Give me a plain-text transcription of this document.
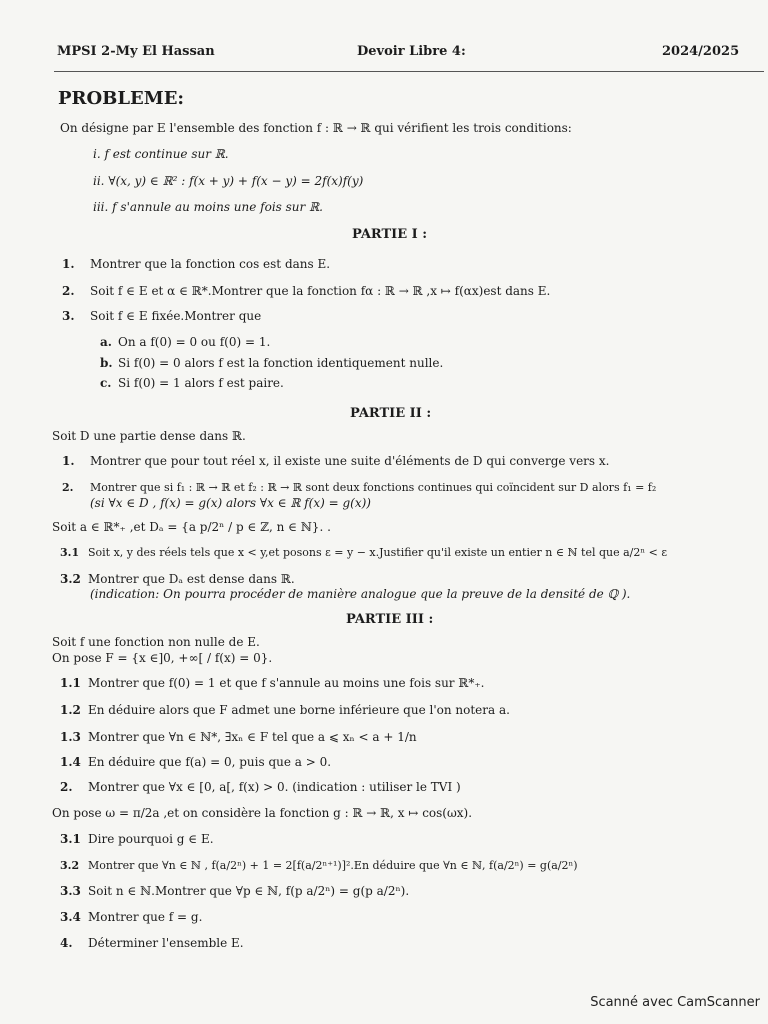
MPSI 2-My El Hassan	Devoir Libre 4:	2024/2025
PROBLEME:
On désigne par E l'ensemble des fonction f : ℝ → ℝ qui vérifient les trois conditions:
i. f est continue sur ℝ.
ii. ∀(x, y) ∈ ℝ² : f(x + y) + f(x − y) = 2f(x)f(y)
iii. f s'annule au moins une fois sur ℝ.
PARTIE I :
1. Montrer que la fonction cos est dans E.
2. Soit f ∈ E et α ∈ ℝ*.Montrer que la fonction fα : ℝ → ℝ ,x ↦ f(αx)est dans E.
3. Soit f ∈ E fixée.Montrer que
a. On a f(0) = 0 ou f(0) = 1.
b. Si f(0) = 0 alors f est la fonction identiquement nulle.
c. Si f(0) = 1 alors f est paire.
PARTIE II :
Soit D une partie dense dans ℝ.
1. Montrer que pour tout réel x, il existe une suite d'éléments de D qui converge vers x.
2. Montrer que si f₁ : ℝ → ℝ et f₂ : ℝ → ℝ sont deux fonctions continues qui coïncident sur D alors f₁ = f₂
(si ∀x ∈ D , f(x) = g(x) alors ∀x ∈ ℝ f(x) = g(x))
Soit a ∈ ℝ*₊ ,et Dₐ = {a p/2ⁿ / p ∈ ℤ, n ∈ ℕ}. .
3.1 Soit x, y des réels tels que x < y,et posons ε = y − x.Justifier qu'il existe un entier n ∈ ℕ tel que a/2ⁿ < ε
3.2 Montrer que Dₐ est dense dans ℝ.
(indication: On pourra procéder de manière analogue que la preuve de la densité de ℚ ).
PARTIE III :
Soit f une fonction non nulle de E.
On pose F = {x ∈]0, +∞[ / f(x) = 0}.
1.1 Montrer que f(0) = 1 et que f s'annule au moins une fois sur ℝ*₊.
1.2 En déduire alors que F admet une borne inférieure que l'on notera a.
1.3 Montrer que ∀n ∈ ℕ*, ∃xₙ ∈ F tel que a ⩽ xₙ < a + 1/n
1.4 En déduire que f(a) = 0, puis que a > 0.
2. Montrer que ∀x ∈ [0, a[, f(x) > 0. (indication : utiliser le TVI )
On pose ω = π/2a ,et on considère la fonction g : ℝ → ℝ, x ↦ cos(ωx).
3.1 Dire pourquoi g ∈ E.
3.2 Montrer que ∀n ∈ ℕ , f(a/2ⁿ) + 1 = 2[f(a/2ⁿ⁺¹)]².En déduire que ∀n ∈ ℕ, f(a/2ⁿ) = g(a/2ⁿ)
3.3 Soit n ∈ ℕ.Montrer que ∀p ∈ ℕ, f(p a/2ⁿ) = g(p a/2ⁿ).
3.4 Montrer que f = g.
4. Déterminer l'ensemble E.
Scanné avec CamScanner
